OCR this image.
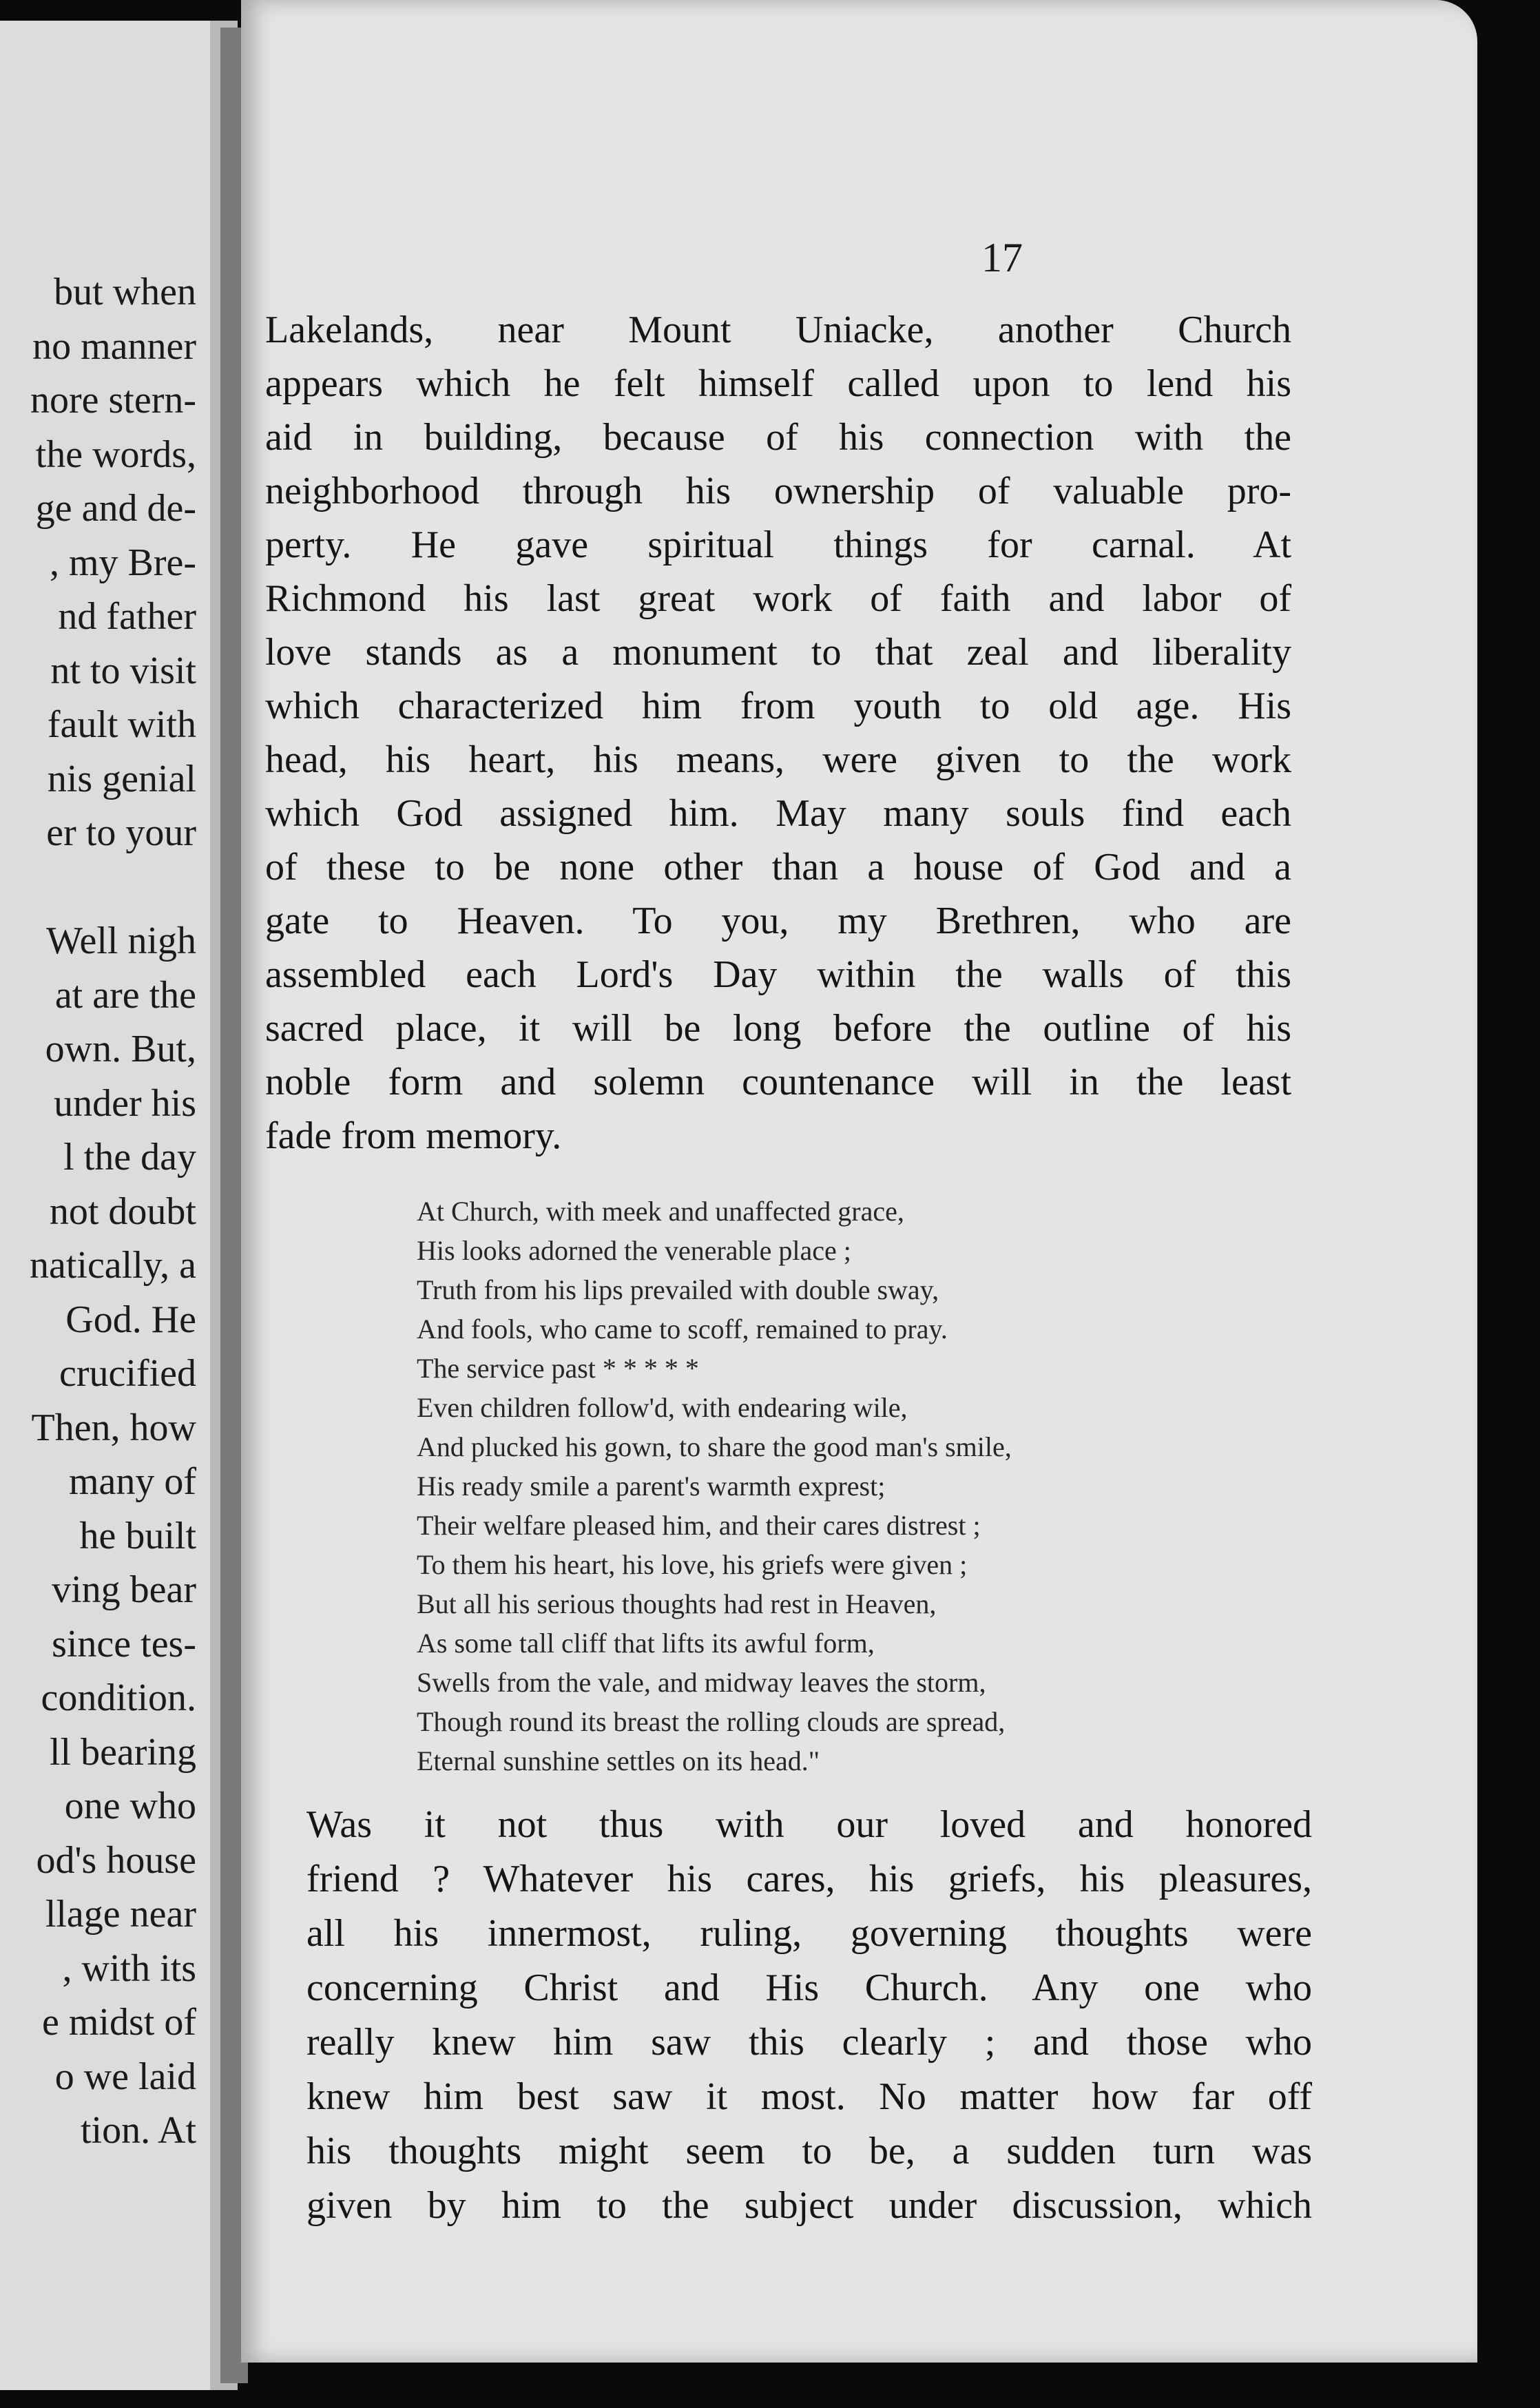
but when
no manner
nore stern-
the words,
ge and de-
, my Bre-
nd father
nt to visit
fault with
nis genial
er to your
Well nigh
at are the
own. But,
under his
l the day
not doubt
natically, a
God. He
crucified
Then, how
many of
he built
ving bear
since tes-
condition.
ll bearing
one who
od's house
llage near
, with its
e midst of
o we laid
tion. At
17
Lakelands, near Mount Uniacke, another Church
appears which he felt himself called upon to lend his
aid in building, because of his connection with the
neighborhood through his ownership of valuable pro-
perty. He gave spiritual things for carnal. At
Richmond his last great work of faith and labor of
love stands as a monument to that zeal and liberality
which characterized him from youth to old age. His
head, his heart, his means, were given to the work
which God assigned him. May many souls find each
of these to be none other than a house of God and a
gate to Heaven. To you, my Brethren, who are
assembled each Lord's Day within the walls of this
sacred place, it will be long before the outline of his
noble form and solemn countenance will in the least
fade from memory.
At Church, with meek and unaffected grace,
His looks adorned the venerable place ;
Truth from his lips prevailed with double sway,
And fools, who came to scoff, remained to pray.
The service past * * * * *
Even children follow'd, with endearing wile,
And plucked his gown, to share the good man's smile,
His ready smile a parent's warmth exprest;
Their welfare pleased him, and their cares distrest ;
To them his heart, his love, his griefs were given ;
But all his serious thoughts had rest in Heaven,
As some tall cliff that lifts its awful form,
Swells from the vale, and midway leaves the storm,
Though round its breast the rolling clouds are spread,
Eternal sunshine settles on its head."
Was it not thus with our loved and honored
friend ? Whatever his cares, his griefs, his pleasures,
all his innermost, ruling, governing thoughts were
concerning Christ and His Church. Any one who
really knew him saw this clearly ; and those who
knew him best saw it most. No matter how far off
his thoughts might seem to be, a sudden turn was
given by him to the subject under discussion, which
